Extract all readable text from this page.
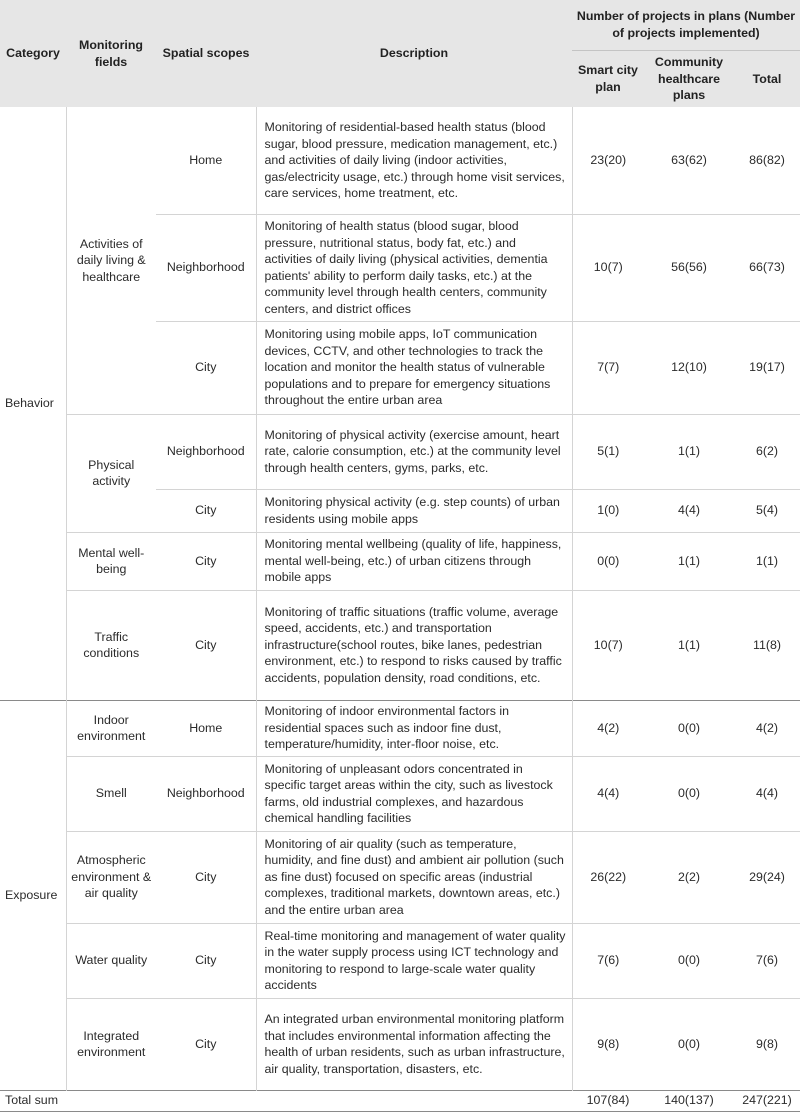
Category	Monitoring fields	Spatial scopes	Description	Number of projects in plans (Number of projects implemented)		
				Smart city plan	Community healthcare plans	Total
Behavior	Activities of daily living & healthcare	Home	Monitoring of residential-based health status (blood sugar, blood pressure, medication management, etc.) and activities of daily living (indoor activities, gas/electricity usage, etc.) through home visit services, care services, home treatment, etc.	23(20)	63(62)	86(82)
		Neighborhood	Monitoring of health status (blood sugar, blood pressure, nutritional status, body fat, etc.) and activities of daily living (physical activities, dementia patients' ability to perform daily tasks, etc.) at the community level through health centers, community centers, and district offices	10(7)	56(56)	66(73)
		City	Monitoring using mobile apps, IoT communication devices, CCTV, and other technologies to track the location and monitor the health status of vulnerable populations and to prepare for emergency situations throughout the entire urban area	7(7)	12(10)	19(17)
	Physical activity	Neighborhood	Monitoring of physical activity (exercise amount, heart rate, calorie consumption, etc.) at the community level through health centers, gyms, parks, etc.	5(1)	1(1)	6(2)
		City	Monitoring physical activity (e.g. step counts) of urban residents using mobile apps	1(0)	4(4)	5(4)
	Mental well-being	City	Monitoring mental wellbeing (quality of life, happiness, mental well-being, etc.) of urban citizens through mobile apps	0(0)	1(1)	1(1)
	Traffic conditions	City	Monitoring of traffic situations (traffic volume, average speed, accidents, etc.) and transportation infrastructure(school routes, bike lanes, pedestrian environment, etc.) to respond to risks caused by traffic accidents, population density, road conditions, etc.	10(7)	1(1)	11(8)
Exposure	Indoor environment	Home	Monitoring of indoor environmental factors in residential spaces such as indoor fine dust, temperature/humidity, inter-floor noise, etc.	4(2)	0(0)	4(2)
	Smell	Neighborhood	Monitoring of unpleasant odors concentrated in specific target areas within the city, such as livestock farms, old industrial complexes, and hazardous chemical handling facilities	4(4)	0(0)	4(4)
	Atmospheric environment & air quality	City	Monitoring of air quality (such as temperature, humidity, and fine dust) and ambient air pollution (such as fine dust) focused on specific areas (industrial complexes, traditional markets, downtown areas, etc.) and the entire urban area	26(22)	2(2)	29(24)
	Water quality	City	Real-time monitoring and management of water quality in the water supply process using ICT technology and monitoring to respond to large-scale water quality accidents	7(6)	0(0)	7(6)
	Integrated environment	City	An integrated urban environmental monitoring platform that includes environmental information affecting the health of urban residents, such as urban infrastructure, air quality, transportation, disasters, etc.	9(8)	0(0)	9(8)
Total sum				107(84)	140(137)	247(221)
